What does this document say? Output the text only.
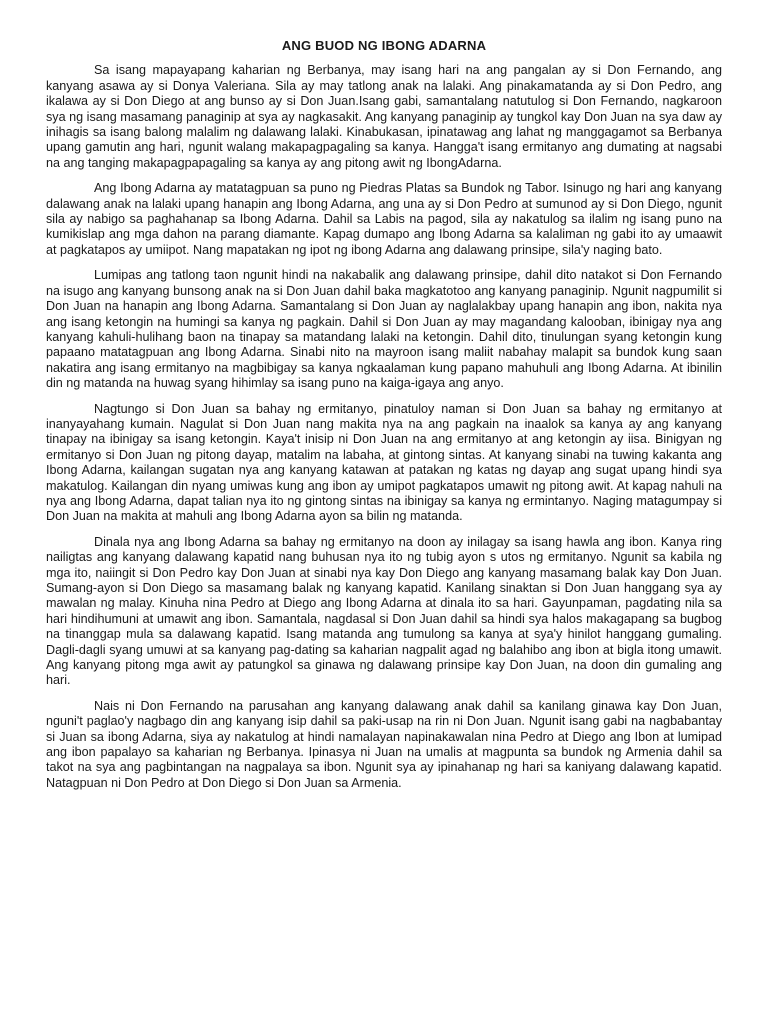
ANG BUOD NG IBONG ADARNA

Sa isang mapayapang kaharian ng Berbanya, may isang hari na ang pangalan ay si Don Fernando, ang kanyang asawa ay si Donya Valeriana. Sila ay may tatlong anak na lalaki. Ang pinakamatanda ay si Don Pedro, ang ikalawa ay si Don Diego at ang bunso ay si Don Juan.Isang gabi, samantalang natutulog si Don Fernando, nagkaroon sya ng isang masamang panaginip at sya ay nagkasakit. Ang kanyang panaginip ay tungkol kay Don Juan na sya daw ay inihagis sa isang balong malalim ng dalawang lalaki. Kinabukasan, ipinatawag ang lahat ng manggagamot sa Berbanya upang gamutin ang hari, ngunit walang makapagpagaling sa kanya. Hangga't isang ermitanyo ang dumating at nagsabi na ang tanging makapagpapagaling sa kanya ay ang pitong awit ng IbongAdarna.

Ang Ibong Adarna ay matatagpuan sa puno ng Piedras Platas sa Bundok ng Tabor. Isinugo ng hari ang kanyang dalawang anak na lalaki upang hanapin ang Ibong Adarna, ang una ay si Don Pedro at sumunod ay si Don Diego, ngunit sila ay nabigo sa paghahanap sa Ibong Adarna. Dahil sa Labis na pagod, sila ay nakatulog sa ilalim ng isang puno na kumikislap ang mga dahon na parang diamante. Kapag dumapo ang Ibong Adarna sa kalaliman ng gabi ito ay umaawit at pagkatapos ay umiipot. Nang mapatakan ng ipot ng ibong Adarna ang dalawang prinsipe, sila'y naging bato.

Lumipas ang tatlong taon ngunit hindi na nakabalik ang dalawang prinsipe, dahil dito natakot si Don Fernando na isugo ang kanyang bunsong anak na si Don Juan dahil baka magkatotoo ang kanyang panaginip. Ngunit nagpumilit si Don Juan na hanapin ang Ibong Adarna. Samantalang si Don Juan ay naglalakbay upang hanapin ang ibon, nakita nya ang isang ketongin na humingi sa kanya ng pagkain. Dahil si Don Juan ay may magandang kalooban, ibinigay nya ang kanyang kahuli-hulihang baon na tinapay sa matandang lalaki na ketongin. Dahil dito, tinulungan syang ketongin kung papaano matatagpuan ang Ibong Adarna. Sinabi nito na mayroon isang maliit nabahay malapit sa bundok kung saan nakatira ang isang ermitanyo na magbibigay sa kanya ngkaalaman kung papano mahuhuli ang Ibong Adarna. At ibinilin din ng matanda na huwag syang hihimlay sa isang puno na kaiga-igaya ang anyo.

Nagtungo si Don Juan sa bahay ng ermitanyo, pinatuloy naman si Don Juan sa bahay ng ermitanyo at inanyayahang kumain. Nagulat si Don Juan nang makita nya na ang pagkain na inaalok sa kanya ay ang kanyang tinapay na ibinigay sa isang ketongin. Kaya't inisip ni Don Juan na ang ermitanyo at ang ketongin ay iisa. Binigyan ng ermitanyo si Don Juan ng pitong dayap, matalim na labaha, at gintong sintas. At kanyang sinabi na tuwing kakanta ang Ibong Adarna, kailangan sugatan nya ang kanyang katawan at patakan ng katas ng dayap ang sugat upang hindi sya makatulog. Kailangan din nyang umiwas kung ang ibon ay umipot pagkatapos umawit ng pitong awit. At kapag nahuli na nya ang Ibong Adarna, dapat talian nya ito ng gintong sintas na ibinigay sa kanya ng ermintanyo. Naging matagumpay si Don Juan na makita at mahuli ang Ibong Adarna ayon sa bilin ng matanda.

Dinala nya ang Ibong Adarna sa bahay ng ermitanyo na doon ay inilagay sa isang hawla ang ibon. Kanya ring nailigtas ang kanyang dalawang kapatid nang buhusan nya ito ng tubig ayon s utos ng ermitanyo. Ngunit sa kabila ng mga ito, naiingit si Don Pedro kay Don Juan at sinabi nya kay Don Diego ang kanyang masamang balak kay Don Juan. Sumang-ayon si Don Diego sa masamang balak ng kanyang kapatid. Kanilang sinaktan si Don Juan hanggang sya ay mawalan ng malay. Kinuha nina Pedro at Diego ang Ibong Adarna at dinala ito sa hari. Gayunpaman, pagdating nila sa hari hindihumuni at umawit ang ibon. Samantala, nagdasal si Don Juan dahil sa hindi sya halos makagapang sa bugbog na tinanggap mula sa dalawang kapatid. Isang matanda ang tumulong sa kanya at sya'y hinilot hanggang gumaling. Dagli-dagli syang umuwi at sa kanyang pag-dating sa kaharian nagpalit agad ng balahibo ang ibon at bigla itong umawit. Ang kanyang pitong mga awit ay patungkol sa ginawa ng dalawang prinsipe kay Don Juan, na doon din gumaling ang hari.

Nais ni Don Fernando na parusahan ang kanyang dalawang anak dahil sa kanilang ginawa kay Don Juan, nguni't paglao'y nagbago din ang kanyang isip dahil sa paki-usap na rin ni Don Juan. Ngunit isang gabi na nagbabantay si Juan sa ibong Adarna, siya ay nakatulog at hindi namalayan napinakawalan nina Pedro at Diego ang Ibon at lumipad ang ibon papalayo sa kaharian ng Berbanya. Ipinasya ni Juan na umalis at magpunta sa bundok ng Armenia dahil sa takot na sya ang pagbintangan na nagpalaya sa ibon. Ngunit sya ay ipinahanap ng hari sa kaniyang dalawang kapatid. Natagpuan ni Don Pedro at Don Diego si Don Juan sa Armenia.
